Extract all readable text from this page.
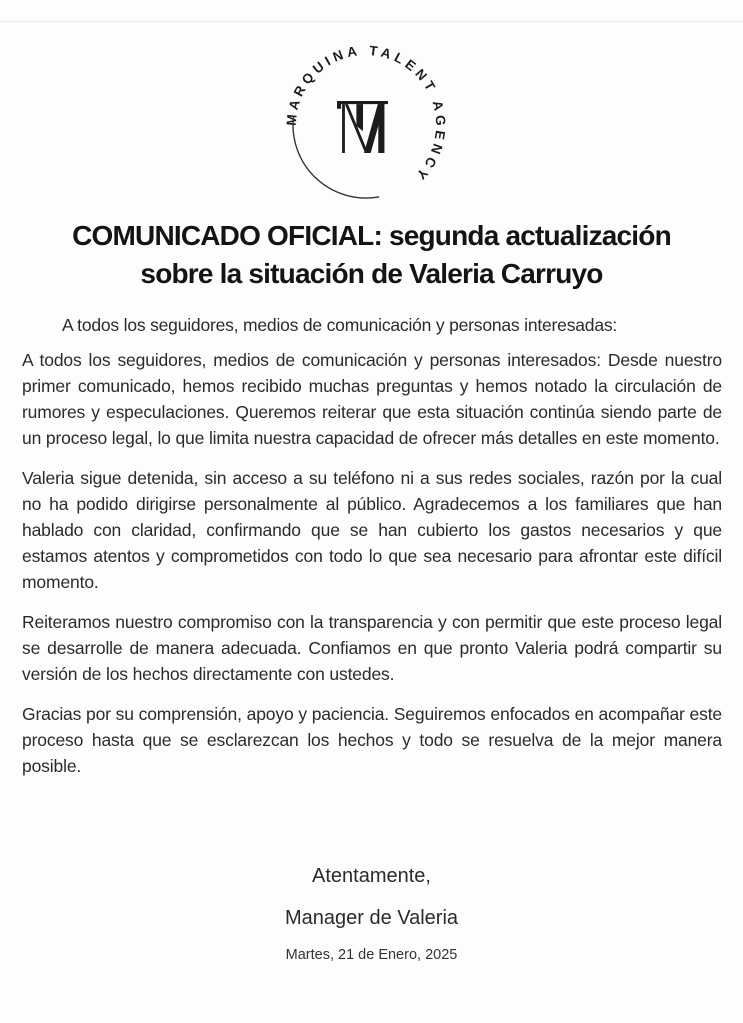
MARQUINA TALENT AGENCY
COMUNICADO OFICIAL: segunda actualización
sobre la situación de Valeria Carruyo
A todos los seguidores, medios de comunicación y personas interesadas:

A todos los seguidores, medios de comunicación y personas interesados: Desde nuestro primer comunicado, hemos recibido muchas preguntas y hemos notado la circulación de rumores y especulaciones. Queremos reiterar que esta situación continúa siendo parte de un proceso legal, lo que limita nuestra capacidad de ofrecer más detalles en este momento.

Valeria sigue detenida, sin acceso a su teléfono ni a sus redes sociales, razón por la cual no ha podido dirigirse personalmente al público. Agradecemos a los familiares que han hablado con claridad, confirmando que se han cubierto los gastos necesarios y que estamos atentos y comprometidos con todo lo que sea necesario para afrontar este difícil momento.

Reiteramos nuestro compromiso con la transparencia y con permitir que este proceso legal se desarrolle de manera adecuada. Confiamos en que pronto Valeria podrá compartir su versión de los hechos directamente con ustedes.

Gracias por su comprensión, apoyo y paciencia. Seguiremos enfocados en acompañar este proceso hasta que se esclarezcan los hechos y todo se resuelva de la mejor manera posible.

Atentamente,
Manager de Valeria
Martes, 21 de Enero, 2025
